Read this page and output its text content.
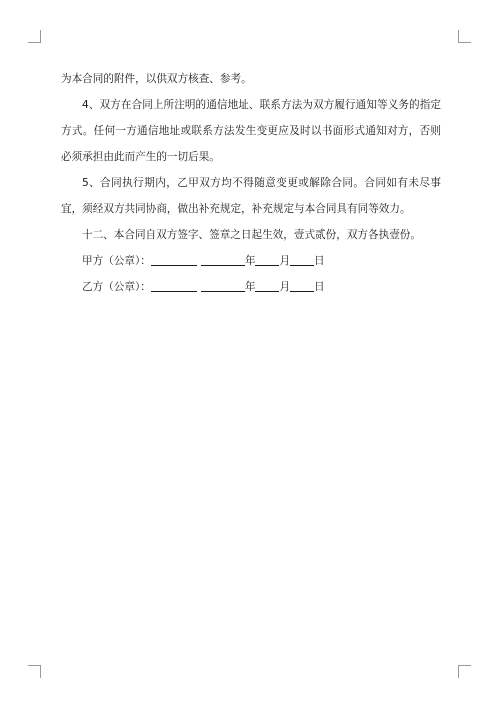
为本合同的附件，以供双方核查、参考。

4、双方在合同上所注明的通信地址、联系方法为双方履行通知等义务的指定方式。任何一方通信地址或联系方法发生变更应及时以书面形式通知对方，否则必须承担由此而产生的一切后果。

5、合同执行期内，乙甲双方均不得随意变更或解除合同。合同如有未尽事宜，须经双方共同协商，做出补充规定，补充规定与本合同具有同等效力。

十二、本合同自双方签字、签章之日起生效，壹式贰份，双方各执壹份。

甲方（公章）：	年 月 日
乙方（公章）：	年 月 日
